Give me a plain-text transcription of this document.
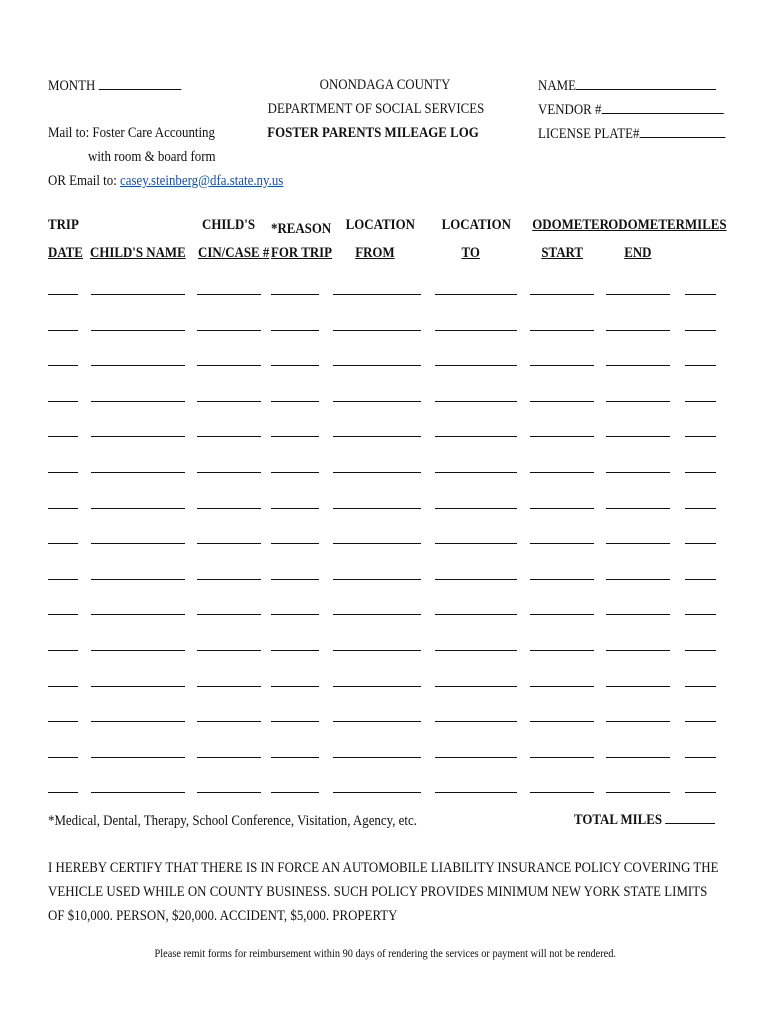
MONTH
Mail to: Foster Care Accounting
with room & board form
OR Email to: casey.steinberg@dfa.state.ny.us
ONONDAGA COUNTY
DEPARTMENT OF SOCIAL SERVICES
FOSTER PARENTS MILEAGE LOG
NAME
VENDOR #
LICENSE PLATE#
TRIP
DATE CHILD'S NAME
CHILD'S
CIN/CASE #
*REASON
FOR TRIP
LOCATION
FROM
LOCATION
TO
ODOMETER
START
ODOMETER
END
MILES
*Medical, Dental, Therapy, School Conference, Visitation, Agency, etc.	TOTAL MILES
I HEREBY CERTIFY THAT THERE IS IN FORCE AN AUTOMOBILE LIABILITY INSURANCE POLICY COVERING THE VEHICLE USED WHILE ON COUNTY BUSINESS. SUCH POLICY PROVIDES MINIMUM NEW YORK STATE LIMITS OF $10,000. PERSON, $20,000. ACCIDENT, $5,000. PROPERTY
Please remit forms for reimbursement within 90 days of rendering the services or payment will not be rendered.
